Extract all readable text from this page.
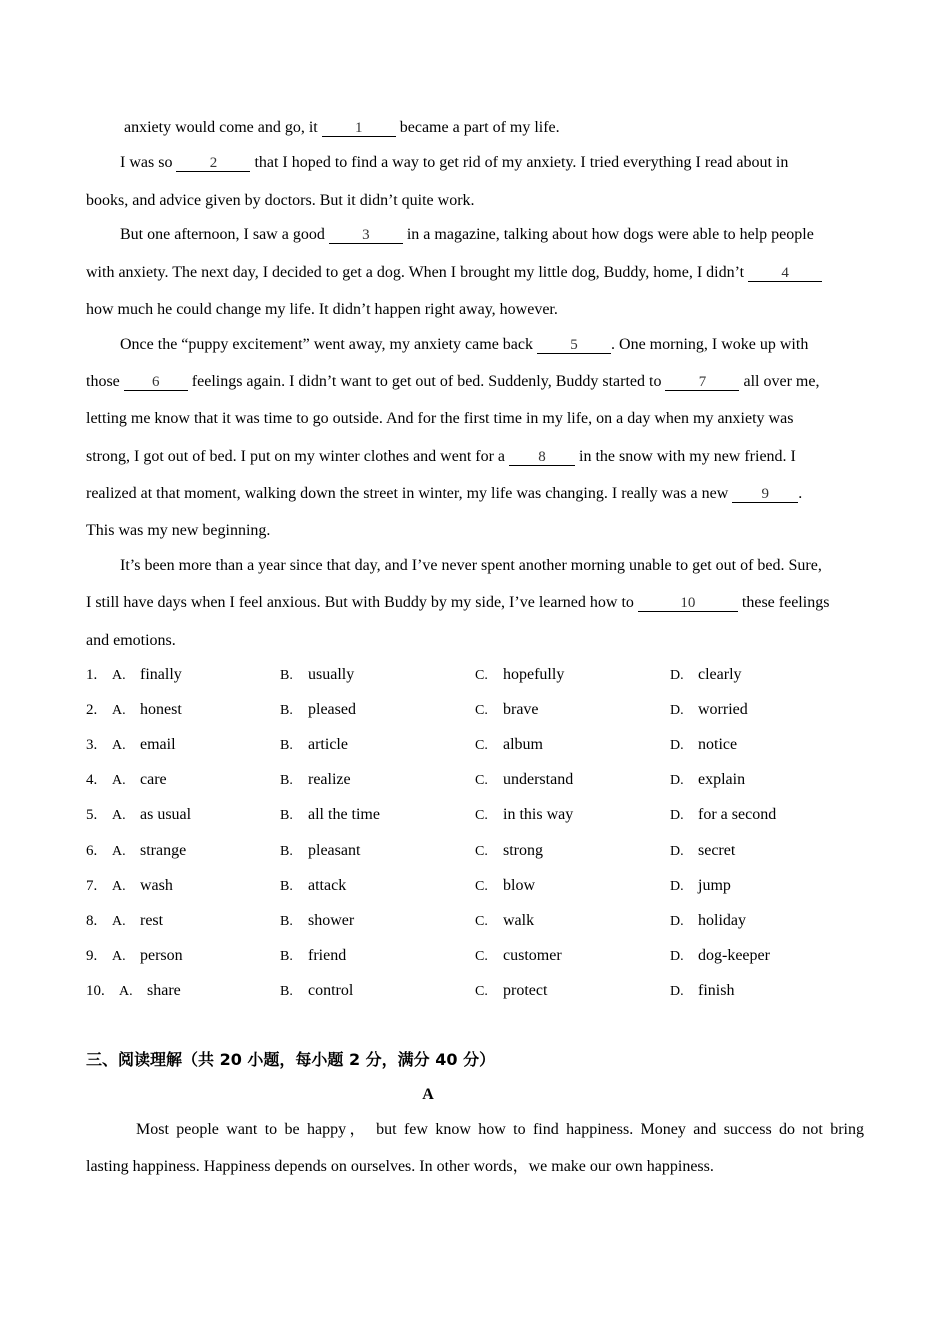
anxiety would come and go, it 1 became a part of my life.
I was so 2 that I hoped to find a way to get rid of my anxiety. I tried everything I read about in
books, and advice given by doctors. But it didn’t quite work.
But one afternoon, I saw a good 3 in a magazine, talking about how dogs were able to help people
with anxiety. The next day, I decided to get a dog. When I brought my little dog, Buddy, home, I didn’t 4
how much he could change my life. It didn’t happen right away, however.
Once the “puppy excitement” went away, my anxiety came back 5 . One morning, I woke up with
those 6 feelings again. I didn’t want to get out of bed. Suddenly, Buddy started to 7 all over me,
letting me know that it was time to go outside. And for the first time in my life, on a day when my anxiety was
strong, I got out of bed. I put on my winter clothes and went for a 8 in the snow with my new friend. I
realized at that moment, walking down the street in winter, my life was changing. I really was a new 9 .
This was my new beginning.
It’s been more than a year since that day, and I’ve never spent another morning unable to get out of bed. Sure,
I still have days when I feel anxious. But with Buddy by my side, I’ve learned how to	10	these feelings
and emotions.
1. A. finally	B. usually	C. hopefully	D. clearly
2. A. honest	B. pleased	C. brave	D. worried
3. A. email	B. article	C. album	D. notice
4. A. care	B. realize	C. understand	D. explain
5. A. as usual	B. all the time	C. in this way	D. for a second
6. A. strange	B. pleasant	C. strong	D. secret
7. A. wash	B. attack	C. blow	D. jump
8. A. rest	B. shower	C. walk	D. holiday
9. A. person	B. friend	C. customer	D. dog-keeper
10. A. share	B. control	C. protect	D. finish
三、阅读理解（共 20 小题，每小题 2 分，满分 40 分）
A
Most people want to be happy， but few know how to find happiness. Money and success do not bring
lasting happiness. Happiness depends on ourselves. In other words，we make our own happiness.
